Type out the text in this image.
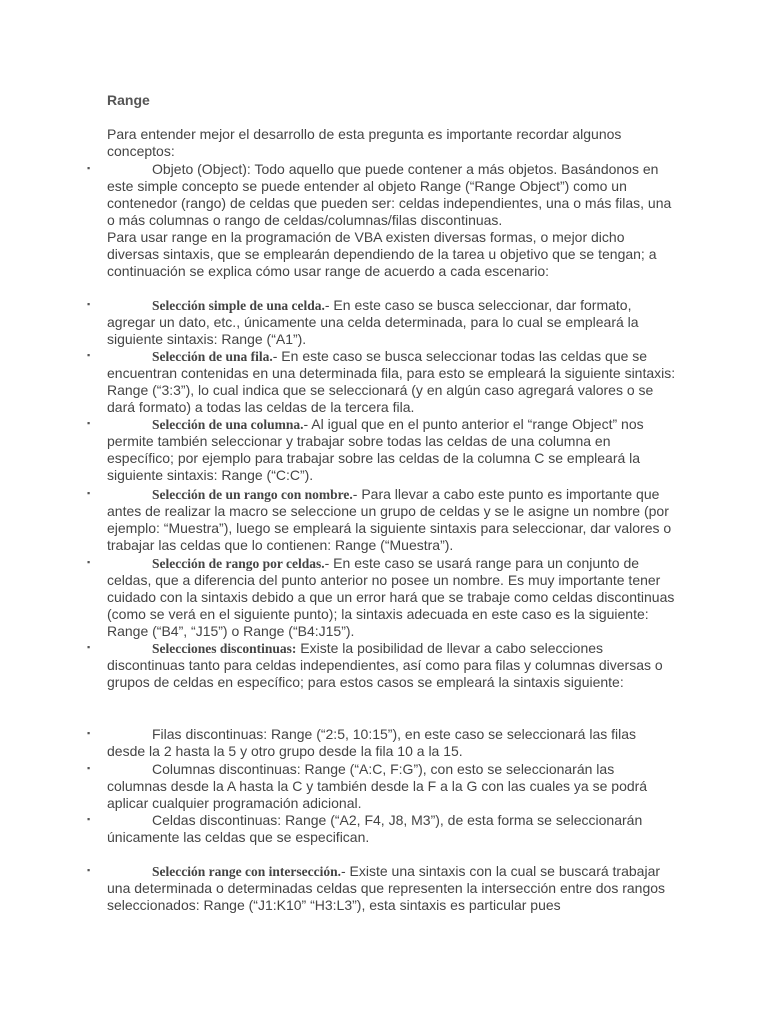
Range
Para entender mejor el desarrollo de esta pregunta es importante recordar algunos conceptos:
▪	Objeto (Object): Todo aquello que puede contener a más objetos. Basándonos en este simple concepto se puede entender al objeto Range (“Range Object”) como un contenedor (rango) de celdas que pueden ser: celdas independientes, una o más filas, una o más columnas o rango de celdas/columnas/filas discontinuas.
Para usar range en la programación de VBA existen diversas formas, o mejor dicho diversas sintaxis, que se emplearán dependiendo de la tarea u objetivo que se tengan; a continuación se explica cómo usar range de acuerdo a cada escenario:
▪	Selección simple de una celda.- En este caso se busca seleccionar, dar formato, agregar un dato, etc., únicamente una celda determinada, para lo cual se empleará la siguiente sintaxis: Range (“A1”).
▪	Selección de una fila.- En este caso se busca seleccionar todas las celdas que se encuentran contenidas en una determinada fila, para esto se empleará la siguiente sintaxis: Range (“3:3”), lo cual indica que se seleccionará (y en algún caso agregará valores o se dará formato) a todas las celdas de la tercera fila.
▪	Selección de una columna.- Al igual que en el punto anterior el “range Object” nos permite también seleccionar y trabajar sobre todas las celdas de una columna en específico; por ejemplo para trabajar sobre las celdas de la columna C se empleará la siguiente sintaxis: Range (“C:C”).
▪	Selección de un rango con nombre.- Para llevar a cabo este punto es importante que antes de realizar la macro se seleccione un grupo de celdas y se le asigne un nombre (por ejemplo: “Muestra”), luego se empleará la siguiente sintaxis para seleccionar, dar valores o trabajar las celdas que lo contienen: Range (“Muestra”).
▪	Selección de rango por celdas.- En este caso se usará range para un conjunto de celdas, que a diferencia del punto anterior no posee un nombre. Es muy importante tener cuidado con la sintaxis debido a que un error hará que se trabaje como celdas discontinuas (como se verá en el siguiente punto); la sintaxis adecuada en este caso es la siguiente: Range (“B4”, “J15”) o Range (“B4:J15”).
▪	Selecciones discontinuas: Existe la posibilidad de llevar a cabo selecciones discontinuas tanto para celdas independientes, así como para filas y columnas diversas o grupos de celdas en específico; para estos casos se empleará la sintaxis siguiente:
▪	Filas discontinuas: Range (“2:5, 10:15”), en este caso se seleccionará las filas desde la 2 hasta la 5 y otro grupo desde la fila 10 a la 15.
▪	Columnas discontinuas: Range (“A:C, F:G”), con esto se seleccionarán las columnas desde la A hasta la C y también desde la F a la G con las cuales ya se podrá aplicar cualquier programación adicional.
▪	Celdas discontinuas: Range (“A2, F4, J8, M3”), de esta forma se seleccionarán únicamente las celdas que se especifican.
▪	Selección range con intersección.- Existe una sintaxis con la cual se buscará trabajar una determinada o determinadas celdas que representen la intersección entre dos rangos seleccionados: Range (“J1:K10” “H3:L3”), esta sintaxis es particular pues
